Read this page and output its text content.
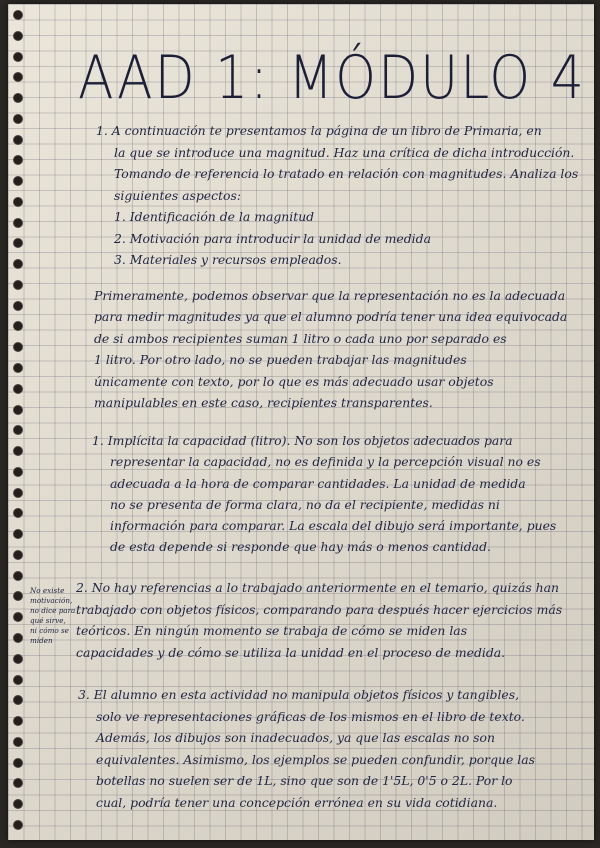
AAD 1: MÓDULO 4
1. A continuación te presentamos la página de un libro de Primaria, en
la que se introduce una magnitud. Haz una crítica de dicha introducción.
Tomando de referencia lo tratado en relación con magnitudes. Analiza los
siguientes aspectos:
1. Identificación de la magnitud
2. Motivación para introducir la unidad de medida
3. Materiales y recursos empleados.
Primeramente, podemos observar que la representación no es la adecuada
para medir magnitudes ya que el alumno podría tener una idea equivocada
de si ambos recipientes suman 1 litro o cada uno por separado es
1 litro. Por otro lado, no se pueden trabajar las magnitudes
únicamente con texto, por lo que es más adecuado usar objetos
manipulables en este caso, recipientes transparentes.
1. Implícita la capacidad (litro). No son los objetos adecuados para
representar la capacidad, no es definida y la percepción visual no es
adecuada a la hora de comparar cantidades. La unidad de medida
no se presenta de forma clara, no da el recipiente, medidas ni
información para comparar. La escala del dibujo será importante, pues
de esta depende si responde que hay más o menos cantidad.
No existe
motivación,
no dice para
qué sirve,
ni cómo se
miden
2. No hay referencias a lo trabajado anteriormente en el temario, quizás han
trabajado con objetos físicos, comparando para después hacer ejercicios más
teóricos. En ningún momento se trabaja de cómo se miden las
capacidades y de cómo se utiliza la unidad en el proceso de medida.
3. El alumno en esta actividad no manipula objetos físicos y tangibles,
solo ve representaciones gráficas de los mismos en el libro de texto.
Además, los dibujos son inadecuados, ya que las escalas no son
equivalentes. Asimismo, los ejemplos se pueden confundir, porque las
botellas no suelen ser de 1L, sino que son de 1'5L, 0'5 o 2L. Por lo
cual, podría tener una concepción errónea en su vida cotidiana.
